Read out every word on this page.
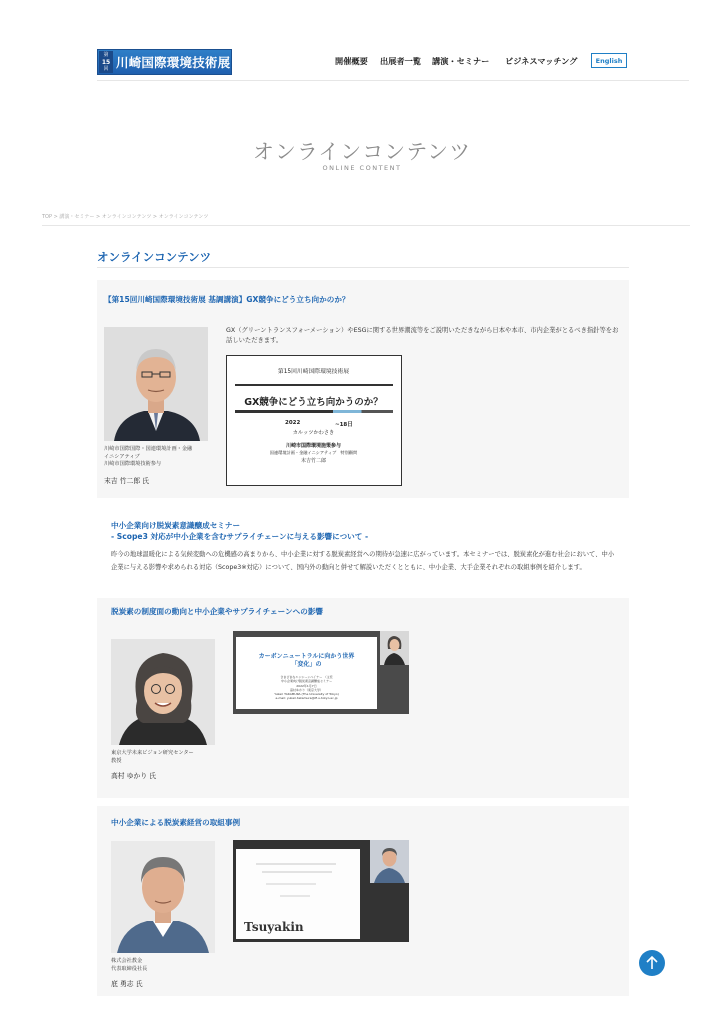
第
15
回 川崎国際環境技術展	開催概要 出展者一覧 講演・セミナー ビジネスマッチング	English
オンラインコンテンツ
ONLINE CONTENT
TOP > 講演・セミナー > オンラインコンテンツ > オンラインコンテンツ
オンラインコンテンツ
【第15回川崎国際環境技術展 基調講演】GX競争にどう立ち向かのか？
川崎市国際国際・国連環境計画・金融
イニシアティブ
川崎市国際環境技術参与
末吉 竹二郎 氏
GX（グリーントランスフォーメーション）やESGに関する世界潮流等をご説明いただきながら日本や本市、市内企業がとるべき指針等をお話しいただきます。
第15回川崎国際環境技術展
GX競争にどう立ち向かうのか？
2022	~18日
カルッツかわさき
川崎市国際環境施策参与
国連環境計画・金融イニシアティブ　特別顧問
末吉竹二郎
中小企業向け脱炭素意識醸成セミナー
- Scope3 対応が中小企業を含むサプライチェーンに与える影響について -
昨今の地球温暖化による気候変動への危機感の高まりから、中小企業に対する脱炭素経営への期待が急速に広がっています。本セミナーでは、脱炭素化が進む社会において、中小企業に与える影響や求められる対応（Scope3※対応）について、国内外の動向と併せて解説いただくとともに、中小企業、大手企業それぞれの取組事例を紹介します。
脱炭素の制度面の動向と中小企業やサプライチェーンへの影響
東京大学未来ビジョン研究センター
教授
高村 ゆかり 氏
カーボンニュートラルに向かう世界
「変化」の
さまざまなエンシーンベイナー　（主充
中小企業向け脱炭素意識醸成セミナー
2022年1月7日
高村ゆかり（東京大学）
Yukari TAKAMURA (The University of Tokyo)
e-mail: yukari.takamura@ifi.u-tokyo.ac.jp
中小企業による脱炭素経営の取組事例
株式会社教金
代表取締役社長
底 勇志 氏
Tsuyakin
